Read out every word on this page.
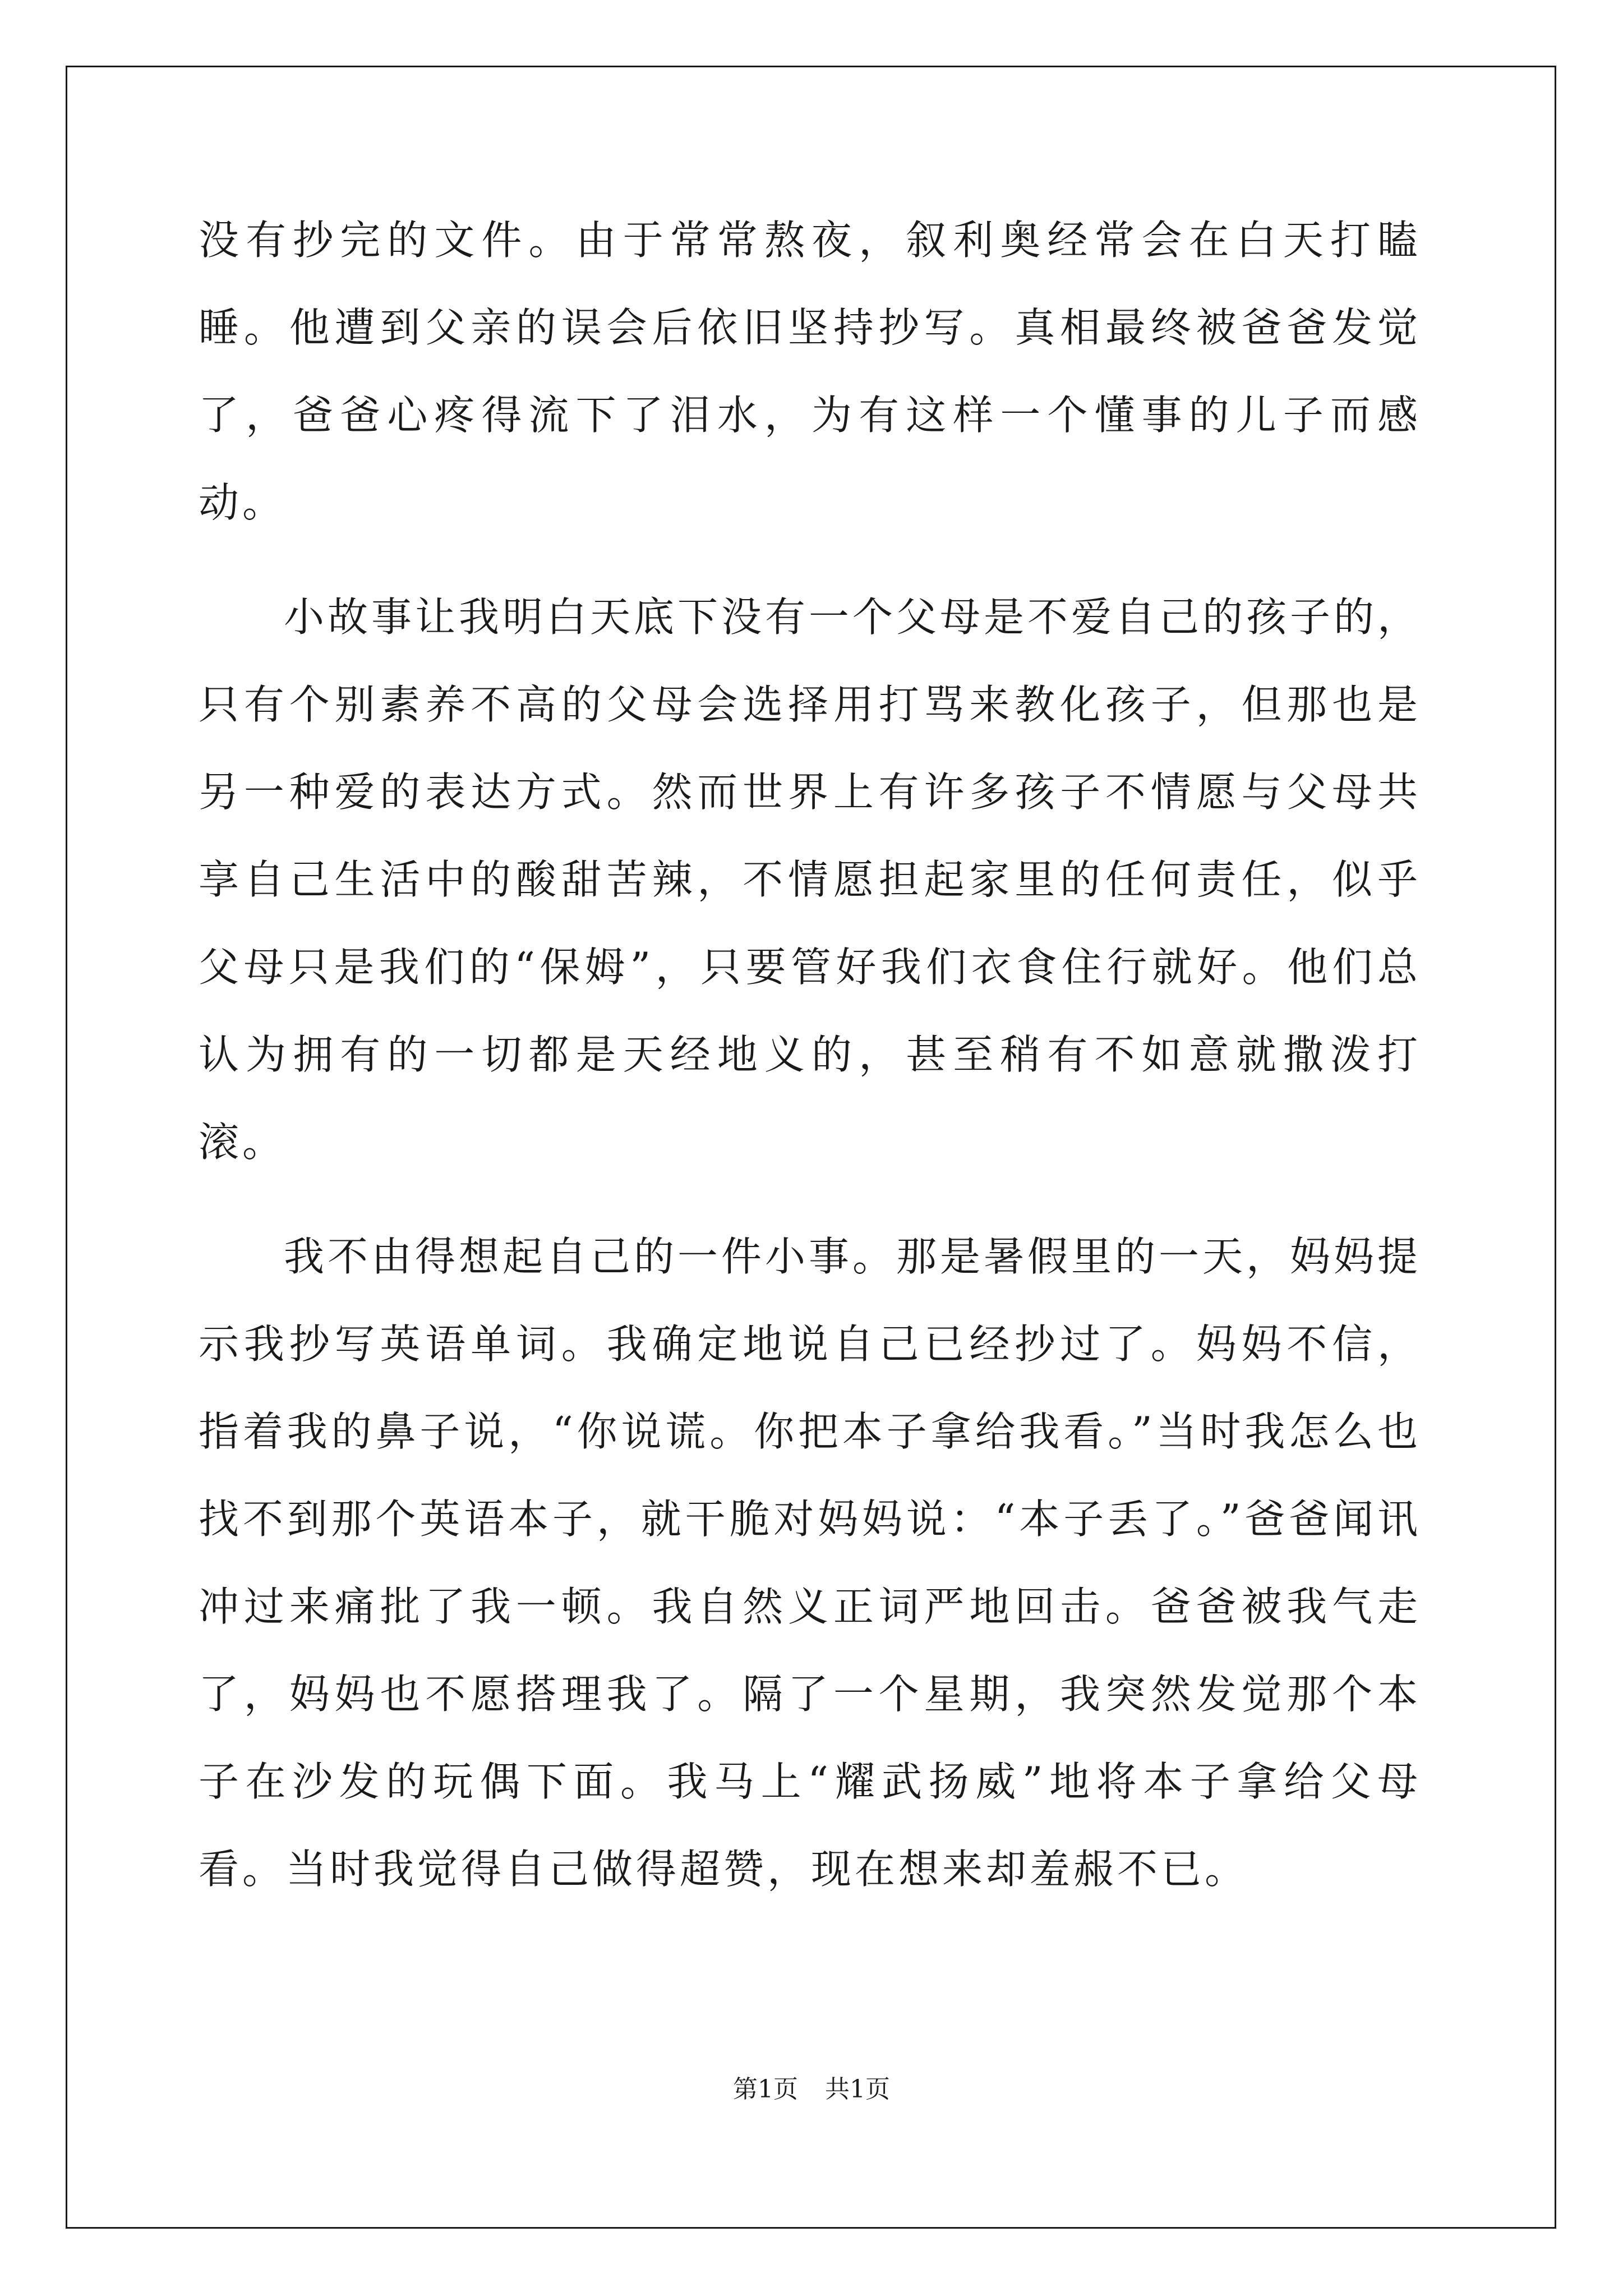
没有抄完的文件。由于常常熬夜，叙利奥经常会在白天打瞌睡。他遭到父亲的误会后依旧坚持抄写。真相最终被爸爸发觉了，爸爸心疼得流下了泪水，为有这样一个懂事的儿子而感动。

小故事让我明白天底下没有一个父母是不爱自己的孩子的，只有个别素养不高的父母会选择用打骂来教化孩子，但那也是另一种爱的表达方式。然而世界上有许多孩子不情愿与父母共享自己生活中的酸甜苦辣，不情愿担起家里的任何责任，似乎父母只是我们的“保姆”，只要管好我们衣食住行就好。他们总认为拥有的一切都是天经地义的，甚至稍有不如意就撒泼打滚。

我不由得想起自己的一件小事。那是暑假里的一天，妈妈提示我抄写英语单词。我确定地说自己已经抄过了。妈妈不信，指着我的鼻子说，“你说谎。你把本子拿给我看。”当时我怎么也找不到那个英语本子，就干脆对妈妈说：“本子丢了。”爸爸闻讯冲过来痛批了我一顿。我自然义正词严地回击。爸爸被我气走了，妈妈也不愿搭理我了。隔了一个星期，我突然发觉那个本子在沙发的玩偶下面。我马上“耀武扬威”地将本子拿给父母看。当时我觉得自己做得超赞，现在想来却羞赧不已。

第1页 共1页
